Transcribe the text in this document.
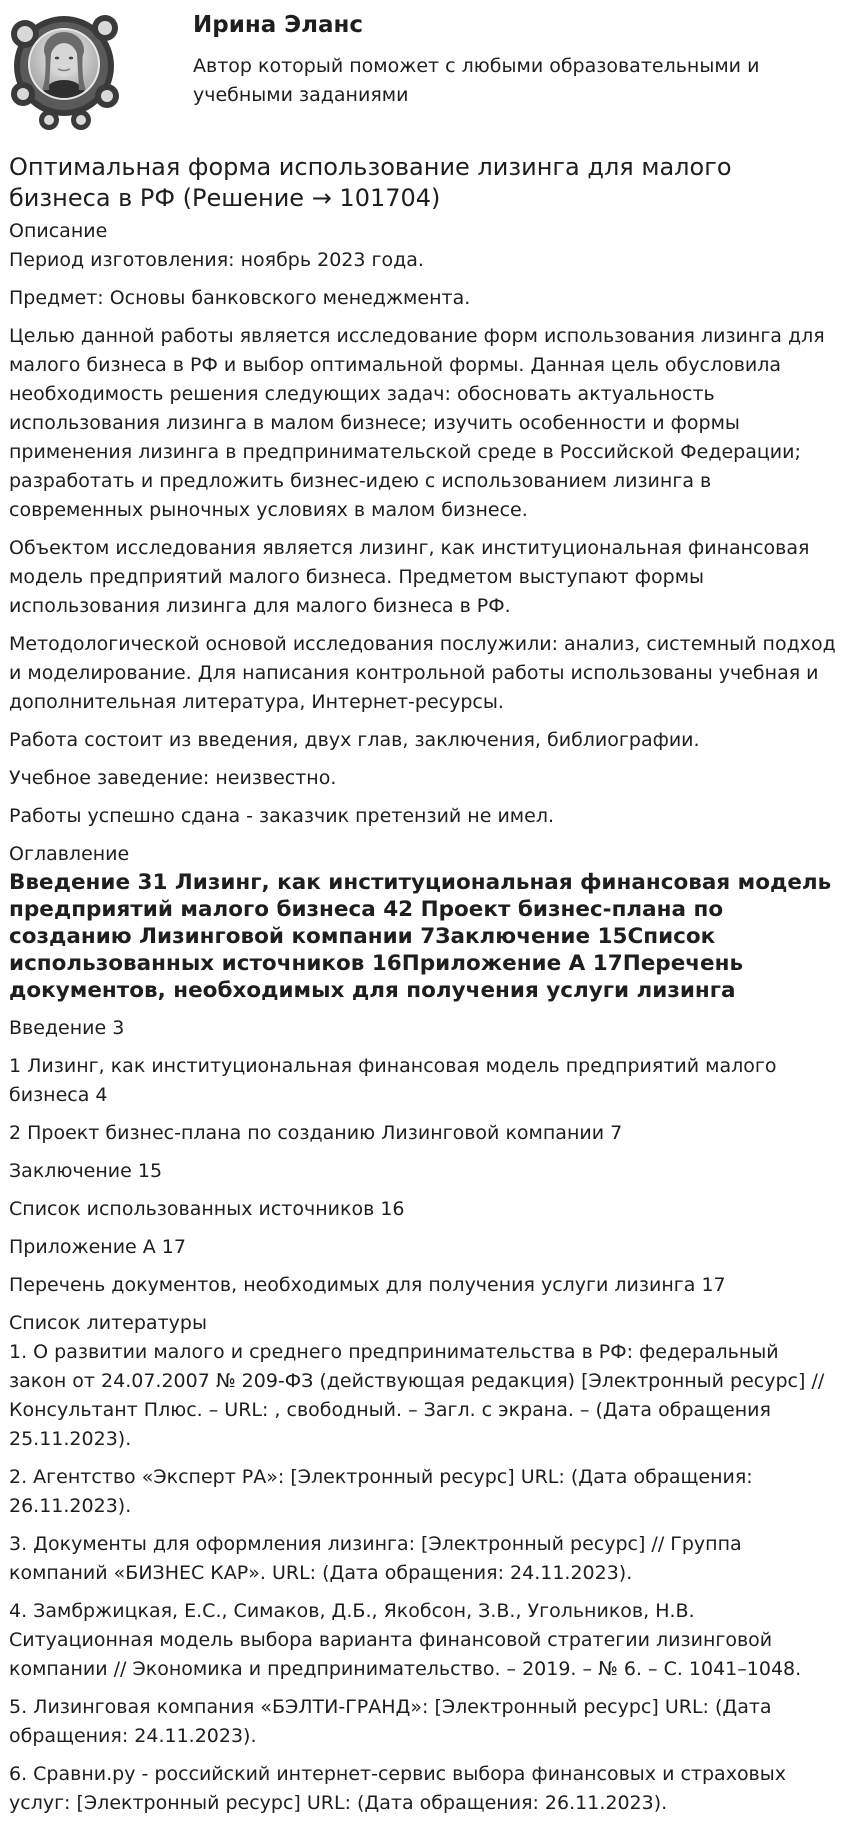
Ирина Эланс
Автор который поможет с любыми образовательными и учебными заданиями
Оптимальная форма использование лизинга для малого бизнеса в РФ (Решение → 101704)
Описание

Период изготовления: ноябрь 2023 года.

Предмет: Основы банковского менеджмента.

Целью данной работы является исследование форм использования лизинга для малого бизнеса в РФ и выбор оптимальной формы. Данная цель обусловила необходимость решения следующих задач: обосновать актуальность использования лизинга в малом бизнесе; изучить особенности и формы применения лизинга в предпринимательской среде в Российской Федерации; разработать и предложить бизнес-идею с использованием лизинга в современных рыночных условиях в малом бизнесе.

Объектом исследования является лизинг, как институциональная финансовая модель предприятий малого бизнеса. Предметом выступают формы использования лизинга для малого бизнеса в РФ.

Методологической основой исследования послужили: анализ, системный подход и моделирование. Для написания контрольной работы использованы учебная и дополнительная литература, Интернет-ресурсы.

Работа состоит из введения, двух глав, заключения, библиографии.

Учебное заведение: неизвестно.

Работы успешно сдана - заказчик претензий не имел.

Оглавление
Введение 31 Лизинг, как институциональная финансовая модель предприятий малого бизнеса 42 Проект бизнес-плана по созданию Лизинговой компании 7Заключение 15Список использованных источников 16Приложение А 17Перечень документов, необходимых для получения услуги лизинга

Введение 3

1 Лизинг, как институциональная финансовая модель предприятий малого бизнеса 4

2 Проект бизнес-плана по созданию Лизинговой компании 7

Заключение 15

Список использованных источников 16

Приложение А 17

Перечень документов, необходимых для получения услуги лизинга 17

Список литературы

1. О развитии малого и среднего предпринимательства в РФ: федеральный закон от 24.07.2007 № 209-ФЗ (действующая редакция) [Электронный ресурс] // Консультант Плюс. – URL: , свободный. – Загл. с экрана. – (Дата обращения 25.11.2023).

2. Агентство «Эксперт РА»: [Электронный ресурс] URL: (Дата обращения: 26.11.2023).

3. Документы для оформления лизинга: [Электронный ресурс] // Группа компаний «БИЗНЕС КАР». URL: (Дата обращения: 24.11.2023).

4. Замбржицкая, Е.С., Симаков, Д.Б., Якобсон, З.В., Угольников, Н.В. Ситуационная модель выбора варианта финансовой стратегии лизинговой компании // Экономика и предпринимательство. – 2019. – № 6. – С. 1041–1048.

5. Лизинговая компания «БЭЛТИ-ГРАНД»: [Электронный ресурс] URL: (Дата обращения: 24.11.2023).

6. Сравни.ру - российский интернет-сервис выбора финансовых и страховых услуг: [Электронный ресурс] URL: (Дата обращения: 26.11.2023).
